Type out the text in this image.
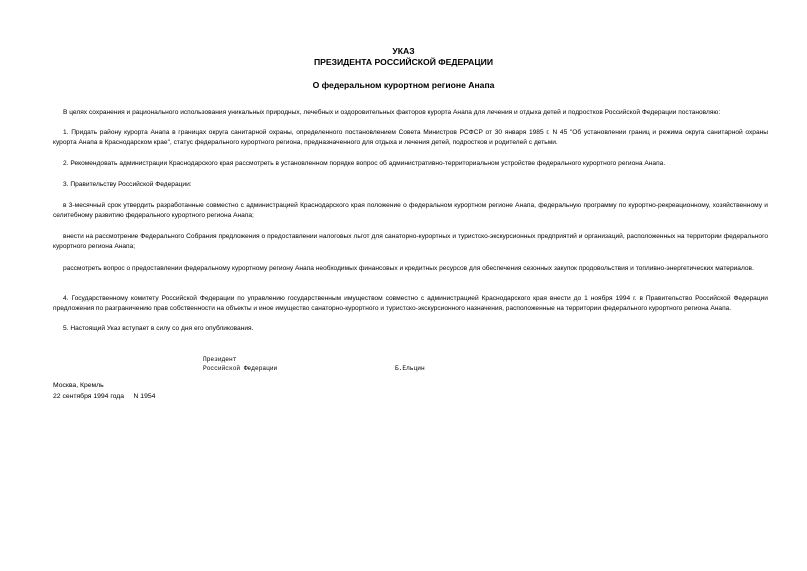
УКАЗ
ПРЕЗИДЕНТА РОССИЙСКОЙ ФЕДЕРАЦИИ
О федеральном курортном регионе Анапа
В целях сохранения и рационального использования уникальных природных, лечебных и оздоровительных факторов курорта Анапа для лечения и отдыха детей и подростков Российской Федерации постановляю:
1. Придать району курорта Анапа в границах округа санитарной охраны, определенного постановлением Совета Министров РСФСР от 30 января 1985 г. N 45 "Об установлении границ и режима округа санитарной охраны курорта Анапа в Краснодарском крае", статус федерального курортного региона, предназначенного для отдыха и лечения детей, подростков и родителей с детьми.
2. Рекомендовать администрации Краснодарского края рассмотреть в установленном порядке вопрос об административно-территориальном устройстве федерального курортного региона Анапа.
3. Правительству Российской Федерации:
в 3-месячный срок утвердить разработанные совместно с администрацией Краснодарского края положение о федеральном курортном регионе Анапа, федеральную программу по курортно-рекреационному, хозяйственному и селитебному развитию федерального курортного региона Анапа;
внести на рассмотрение Федерального Собрания предложения о предоставлении налоговых льгот для санаторно-курортных и туристско-экскурсионных предприятий и организаций, расположенных на территории федерального курортного региона Анапа;
рассмотреть вопрос о предоставлении федеральному курортному региону Анапа необходимых финансовых и кредитных ресурсов для обеспечения сезонных закупок продовольствия и топливно-энергетических материалов.
4. Государственному комитету Российской Федерации по управлению государственным имуществом совместно с администрацией Краснодарского края внести до 1 ноября 1994 г. в Правительство Российской Федерации предложения по разграничению прав собственности на объекты и иное имущество санаторно-курортного и туристско-экскурсионного назначения, расположенные на территории федерального курортного региона Анапа.
5. Настоящий Указ вступает в силу со дня его опубликования.
Президент
Российской Федерации	Б.Ельцин
Москва, Кремль
22 сентября 1994 года     N 1954
